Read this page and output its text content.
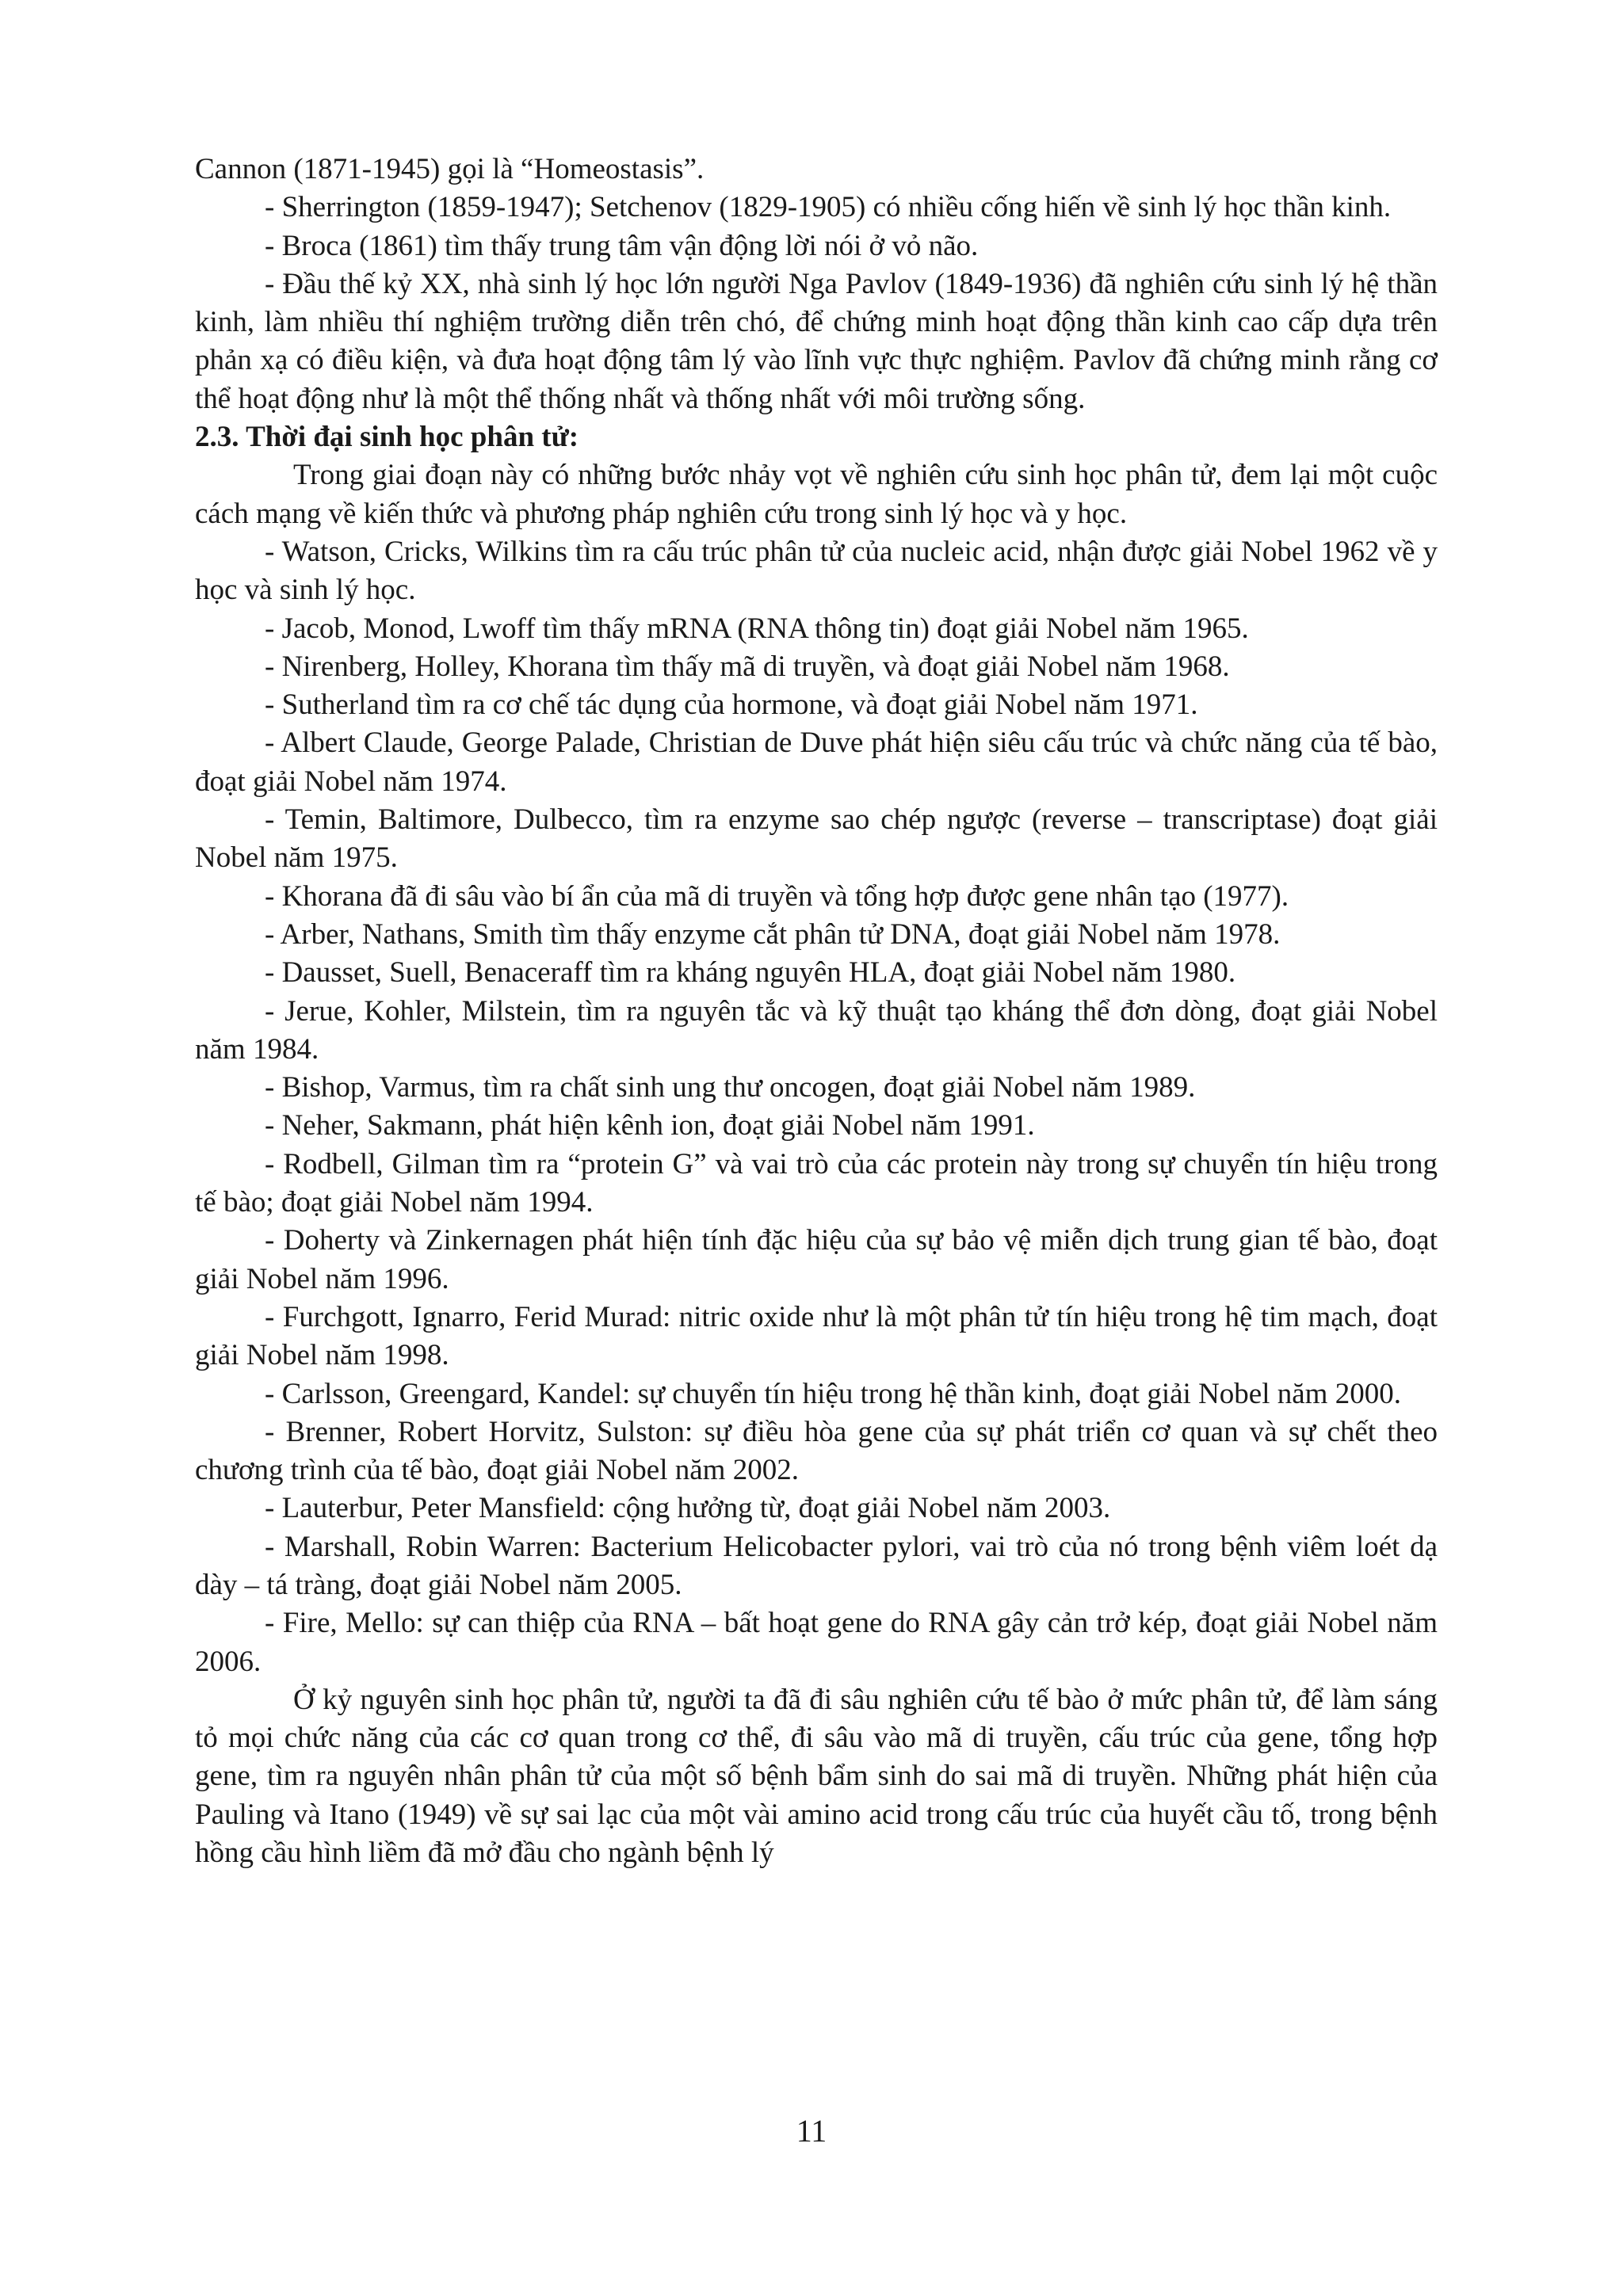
Cannon (1871-1945) gọi là “Homeostasis”.

- Sherrington (1859-1947); Setchenov (1829-1905) có nhiều cống hiến về sinh lý học thần kinh.

- Broca (1861) tìm thấy trung tâm vận động lời nói ở vỏ não.

- Đầu thế kỷ XX, nhà sinh lý học lớn người Nga Pavlov (1849-1936) đã nghiên cứu sinh lý hệ thần kinh, làm nhiều thí nghiệm trường diễn trên chó, để chứng minh hoạt động thần kinh cao cấp dựa trên phản xạ có điều kiện, và đưa hoạt động tâm lý vào lĩnh vực thực nghiệm. Pavlov đã chứng minh rằng cơ thể hoạt động như là một thể thống nhất và thống nhất với môi trường sống.

2.3. Thời đại sinh học phân tử:

Trong giai đoạn này có những bước nhảy vọt về nghiên cứu sinh học phân tử, đem lại một cuộc cách mạng về kiến thức và phương pháp nghiên cứu trong sinh lý học và y học.

- Watson, Cricks, Wilkins tìm ra cấu trúc phân tử của nucleic acid, nhận được giải Nobel 1962 về y học và sinh lý học.

- Jacob, Monod, Lwoff tìm thấy mRNA (RNA thông tin) đoạt giải Nobel năm 1965.

- Nirenberg, Holley, Khorana tìm thấy mã di truyền, và đoạt giải Nobel năm 1968.

- Sutherland tìm ra cơ chế tác dụng của hormone, và đoạt giải Nobel năm 1971.

- Albert Claude, George Palade, Christian de Duve phát hiện siêu cấu trúc và chức năng của tế bào, đoạt giải Nobel năm 1974.

- Temin, Baltimore, Dulbecco, tìm ra enzyme sao chép ngược (reverse – transcriptase) đoạt giải Nobel năm 1975.

- Khorana đã đi sâu vào bí ẩn của mã di truyền và tổng hợp được gene nhân tạo (1977).

- Arber, Nathans, Smith tìm thấy enzyme cắt phân tử DNA, đoạt giải Nobel năm 1978.

- Dausset, Suell, Benaceraff tìm ra kháng nguyên HLA, đoạt giải Nobel năm 1980.

- Jerue, Kohler, Milstein, tìm ra nguyên tắc và kỹ thuật tạo kháng thể đơn dòng, đoạt giải Nobel năm 1984.

- Bishop, Varmus, tìm ra chất sinh ung thư oncogen, đoạt giải Nobel năm 1989.

- Neher, Sakmann, phát hiện kênh ion, đoạt giải Nobel năm 1991.

- Rodbell, Gilman tìm ra “protein G” và vai trò của các protein này trong sự chuyển tín hiệu trong tế bào; đoạt giải Nobel năm 1994.

- Doherty và Zinkernagen phát hiện tính đặc hiệu của sự bảo vệ miễn dịch trung gian tế bào, đoạt giải Nobel năm 1996.

- Furchgott, Ignarro, Ferid Murad: nitric oxide như là một phân tử tín hiệu trong hệ tim mạch, đoạt giải Nobel năm 1998.

- Carlsson, Greengard, Kandel: sự chuyển tín hiệu trong hệ thần kinh, đoạt giải Nobel năm 2000.

- Brenner, Robert Horvitz, Sulston: sự điều hòa gene của sự phát triển cơ quan và sự chết theo chương trình của tế bào, đoạt giải Nobel năm 2002.

- Lauterbur, Peter Mansfield: cộng hưởng từ, đoạt giải Nobel năm 2003.

- Marshall, Robin Warren: Bacterium Helicobacter pylori, vai trò của nó trong bệnh viêm loét dạ dày – tá tràng, đoạt giải Nobel năm 2005.

- Fire, Mello: sự can thiệp của RNA – bất hoạt gene do RNA gây cản trở kép, đoạt giải Nobel năm 2006.

Ở kỷ nguyên sinh học phân tử, người ta đã đi sâu nghiên cứu tế bào ở mức phân tử, để làm sáng tỏ mọi chức năng của các cơ quan trong cơ thể, đi sâu vào mã di truyền, cấu trúc của gene, tổng hợp gene, tìm ra nguyên nhân phân tử của một số bệnh bẩm sinh do sai mã di truyền. Những phát hiện của Pauling và Itano (1949) về sự sai lạc của một vài amino acid trong cấu trúc của huyết cầu tố, trong bệnh hồng cầu hình liềm đã mở đầu cho ngành bệnh lý

11
